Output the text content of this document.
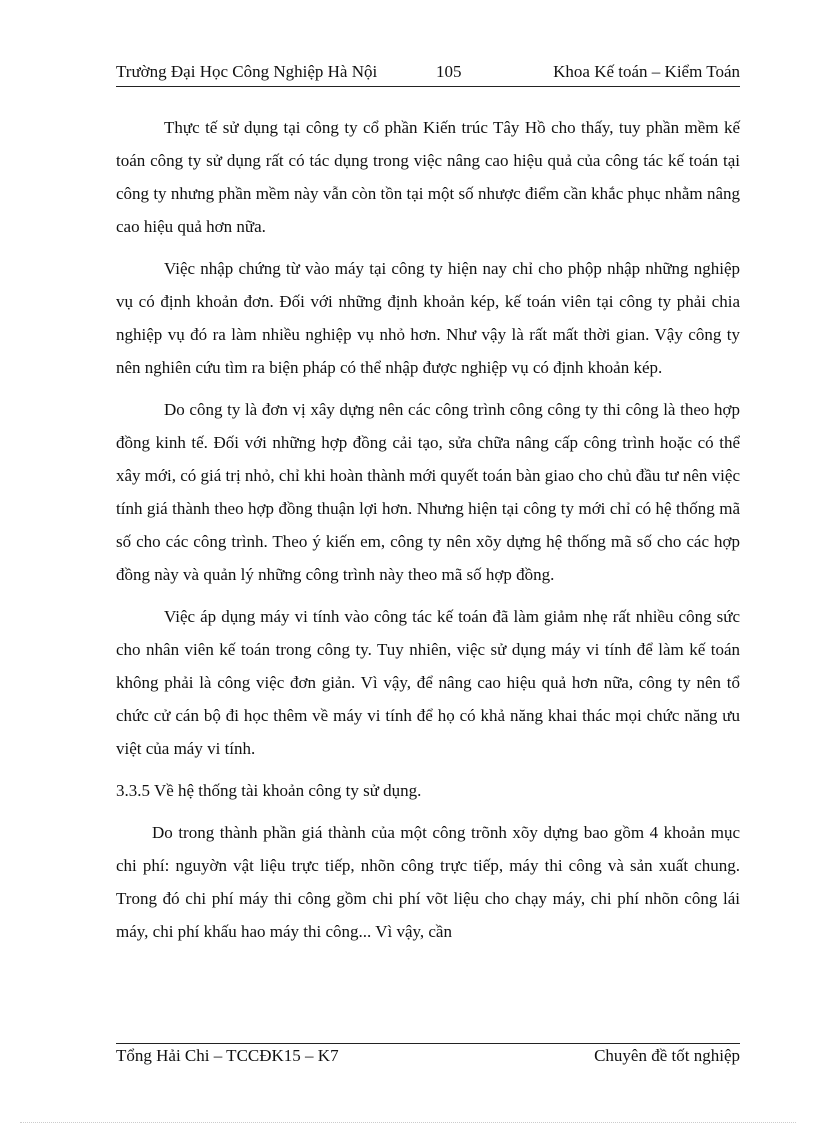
Trường Đại Học Công Nghiệp Hà Nội	105	Khoa Kế toán – Kiểm Toán

Thực tế sử dụng tại công ty cổ phần Kiến trúc Tây Hồ cho thấy, tuy phần mềm kế toán công ty sử dụng rất có tác dụng trong việc nâng cao hiệu quả của công tác kế toán tại công ty nhưng phần mềm này vẫn còn tồn tại một số nhược điểm cần khắc phục nhằm nâng cao hiệu quả hơn nữa.

Việc nhập chứng từ vào máy tại công ty hiện nay chỉ cho phộp nhập những nghiệp vụ có định khoản đơn. Đối với những định khoản kép, kế toán viên tại công ty phải chia nghiệp vụ đó ra làm nhiều nghiệp vụ nhỏ hơn. Như vậy là rất mất thời gian. Vậy công ty nên nghiên cứu tìm ra biện pháp có thể nhập được nghiệp vụ có định khoản kép.

Do công ty là đơn vị xây dựng nên các công trình công công ty thi công là theo hợp đồng kinh tế. Đối với những hợp đồng cải tạo, sửa chữa nâng cấp công trình hoặc có thể xây mới, có giá trị nhỏ, chỉ khi hoàn thành mới quyết toán bàn giao cho chủ đầu tư nên việc tính giá thành theo hợp đồng thuận lợi hơn. Nhưng hiện tại công ty mới chỉ có hệ thống mã số cho các công trình. Theo ý kiến em, công ty nên xõy dựng hệ thống mã số cho các hợp đồng này và quản lý những công trình này theo mã số hợp đồng.

Việc áp dụng máy vi tính vào công tác kế toán đã làm giảm nhẹ rất nhiều công sức cho nhân viên kế toán trong công ty. Tuy nhiên, việc sử dụng máy vi tính để làm kế toán không phải là công việc đơn giản. Vì vậy, để nâng cao hiệu quả hơn nữa, công ty nên tổ chức cử cán bộ đi học thêm về máy vi tính để họ có khả năng khai thác mọi chức năng ưu việt của máy vi tính.

3.3.5 Về hệ thống tài khoản công ty sử dụng.

Do trong thành phần giá thành của một công trõnh xõy dựng bao gồm 4 khoản mục chi phí: nguyờn vật liệu trực tiếp, nhõn công trực tiếp, máy thi công và sản xuất chung. Trong đó chi phí máy thi công gồm chi phí võt liệu cho chạy máy, chi phí nhõn công lái máy, chi phí khấu hao máy thi công... Vì vậy, cần

Tổng Hải Chi – TCCĐK15 – K7	Chuyên đề tốt nghiệp
